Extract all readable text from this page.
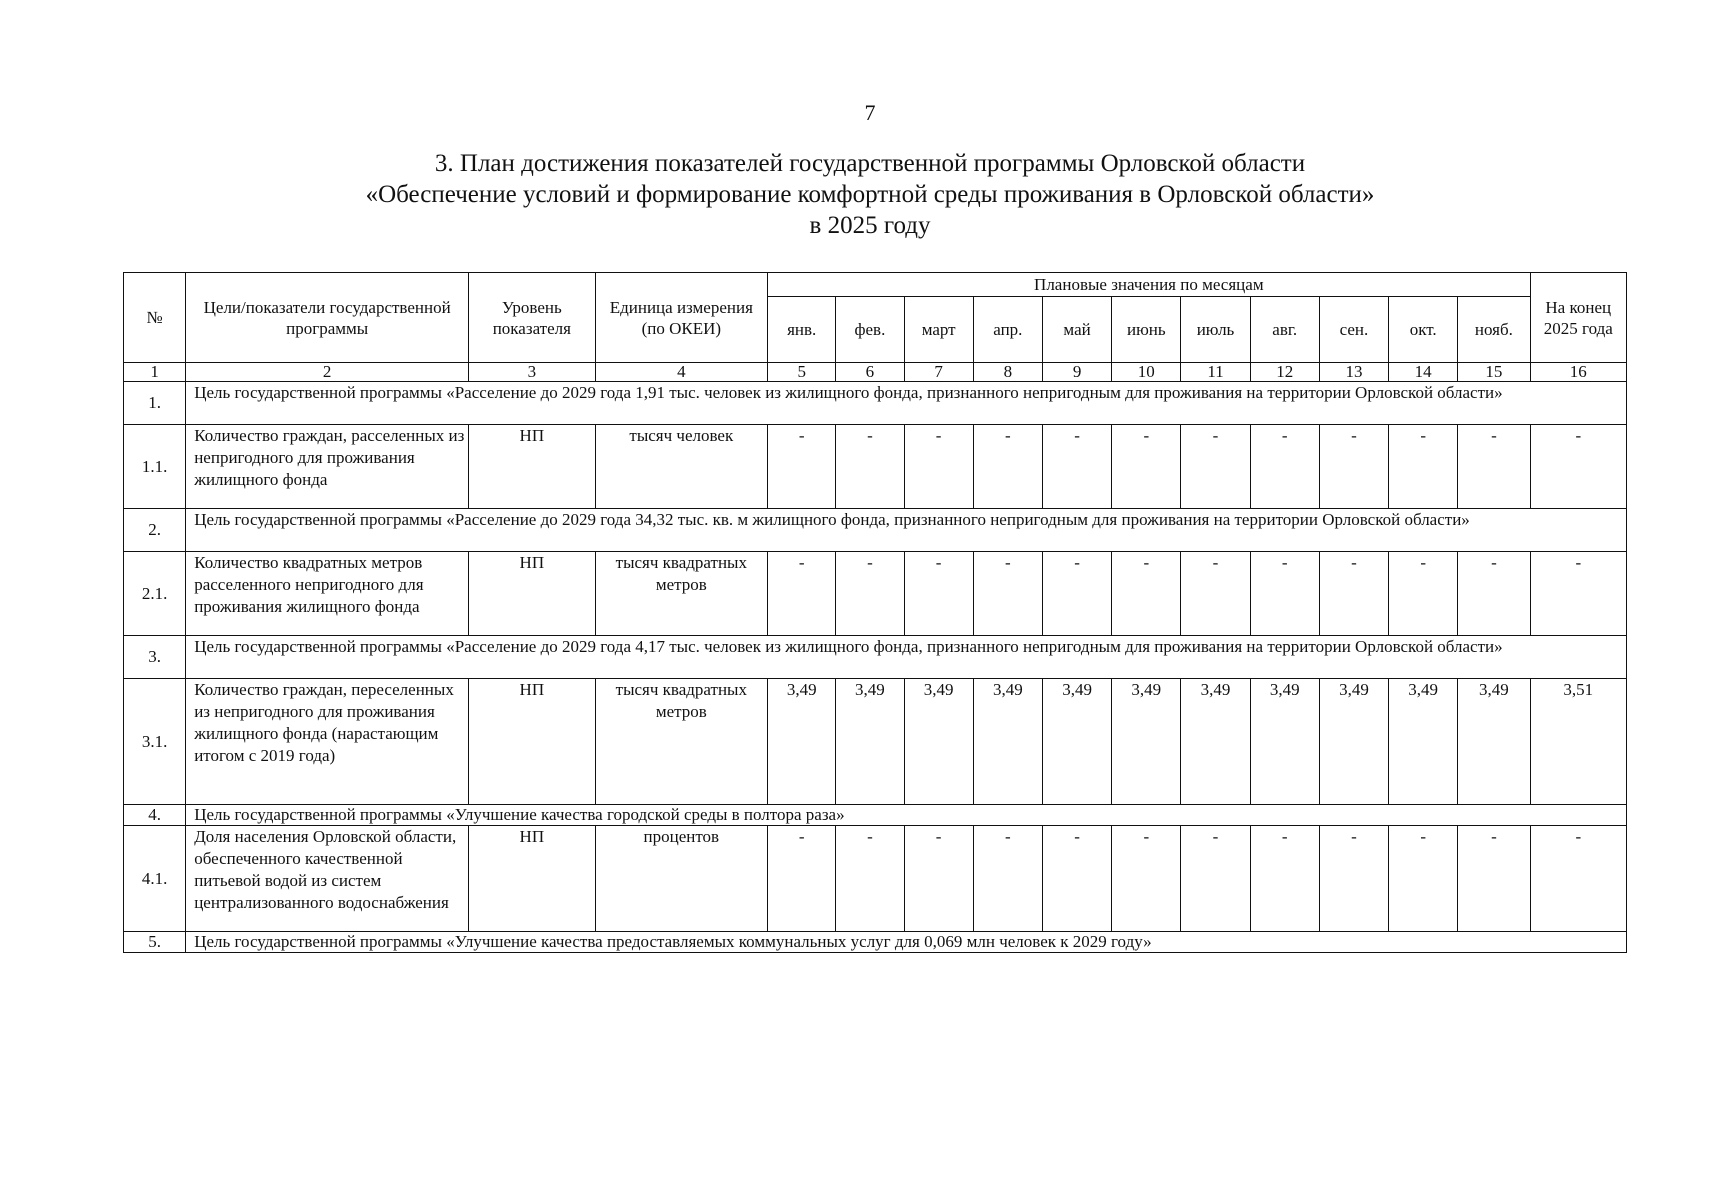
7
3. План достижения показателей государственной программы Орловской области
«Обеспечение условий и формирование комфортной среды проживания в Орловской области»
в 2025 году
№	Цели/показатели государственной программы	Уровень показателя	Единица измерения (по ОКЕИ)	Плановые значения по месяцам											На конец 2025 года
				янв.	фев.	март	апр.	май	июнь	июль	авг.	сен.	окт.	нояб.	
1	2	3	4	5	6	7	8	9	10	11	12	13	14	15	16
1.	Цель государственной программы «Расселение до 2029 года 1,91 тыс. человек из жилищного фонда, признанного непригодным для проживания на территории Орловской области»														
1.1.	Количество граждан, расселенных из непригодного для проживания жилищного фонда	НП	тысяч человек	-	-	-	-	-	-	-	-	-	-	-	-
2.	Цель государственной программы «Расселение до 2029 года 34,32 тыс. кв. м жилищного фонда, признанного непригодным для проживания на территории Орловской области»														
2.1.	Количество квадратных метров расселенного непригодного для проживания жилищного фонда	НП	тысяч квадратных метров	-	-	-	-	-	-	-	-	-	-	-	-
3.	Цель государственной программы «Расселение до 2029 года 4,17 тыс. человек из жилищного фонда, признанного непригодным для проживания на территории Орловской области»														
3.1.	Количество граждан, переселенных из непригодного для проживания жилищного фонда (нарастающим итогом с 2019 года)	НП	тысяч квадратных метров	3,49	3,49	3,49	3,49	3,49	3,49	3,49	3,49	3,49	3,49	3,49	3,51
4.	Цель государственной программы «Улучшение качества городской среды в полтора раза»														
4.1.	Доля населения Орловской области, обеспеченного качественной питьевой водой из систем централизованного водоснабжения	НП	процентов	-	-	-	-	-	-	-	-	-	-	-	-
5.	Цель государственной программы «Улучшение качества предоставляемых коммунальных услуг для 0,069 млн человек к 2029 году»														
